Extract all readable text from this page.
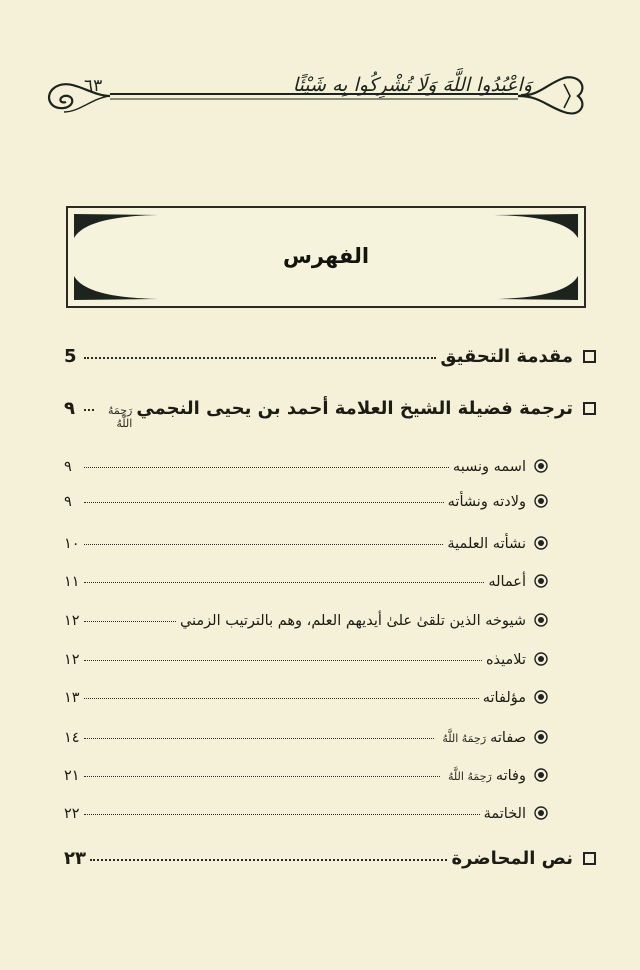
وَاعْبُدُوا اللَّهَ وَلَا تُشْرِكُوا بِهِ شَيْئًا
٦٣
الفهرس
مقدمة التحقيق
5
ترجمة فضيلة الشيخ العلامة أحمد بن يحيى النجمي
رَحِمَهُ اللَّهُ
٩
اسمه ونسبه
٩
ولادته ونشأته
٩
نشأته العلمية
١٠
أعماله
١١
شيوخه الذين تلقىٰ علىٰ أيديهم العلم، وهم بالترتيب الزمني
١٢
تلاميذه
١٢
مؤلفاته
١٣
صفاته
رَحِمَهُ اللَّهُ
١٤
وفاته
رَحِمَهُ اللَّهُ
٢١
الخاتمة
٢٢
نص المحاضرة
٢٣
